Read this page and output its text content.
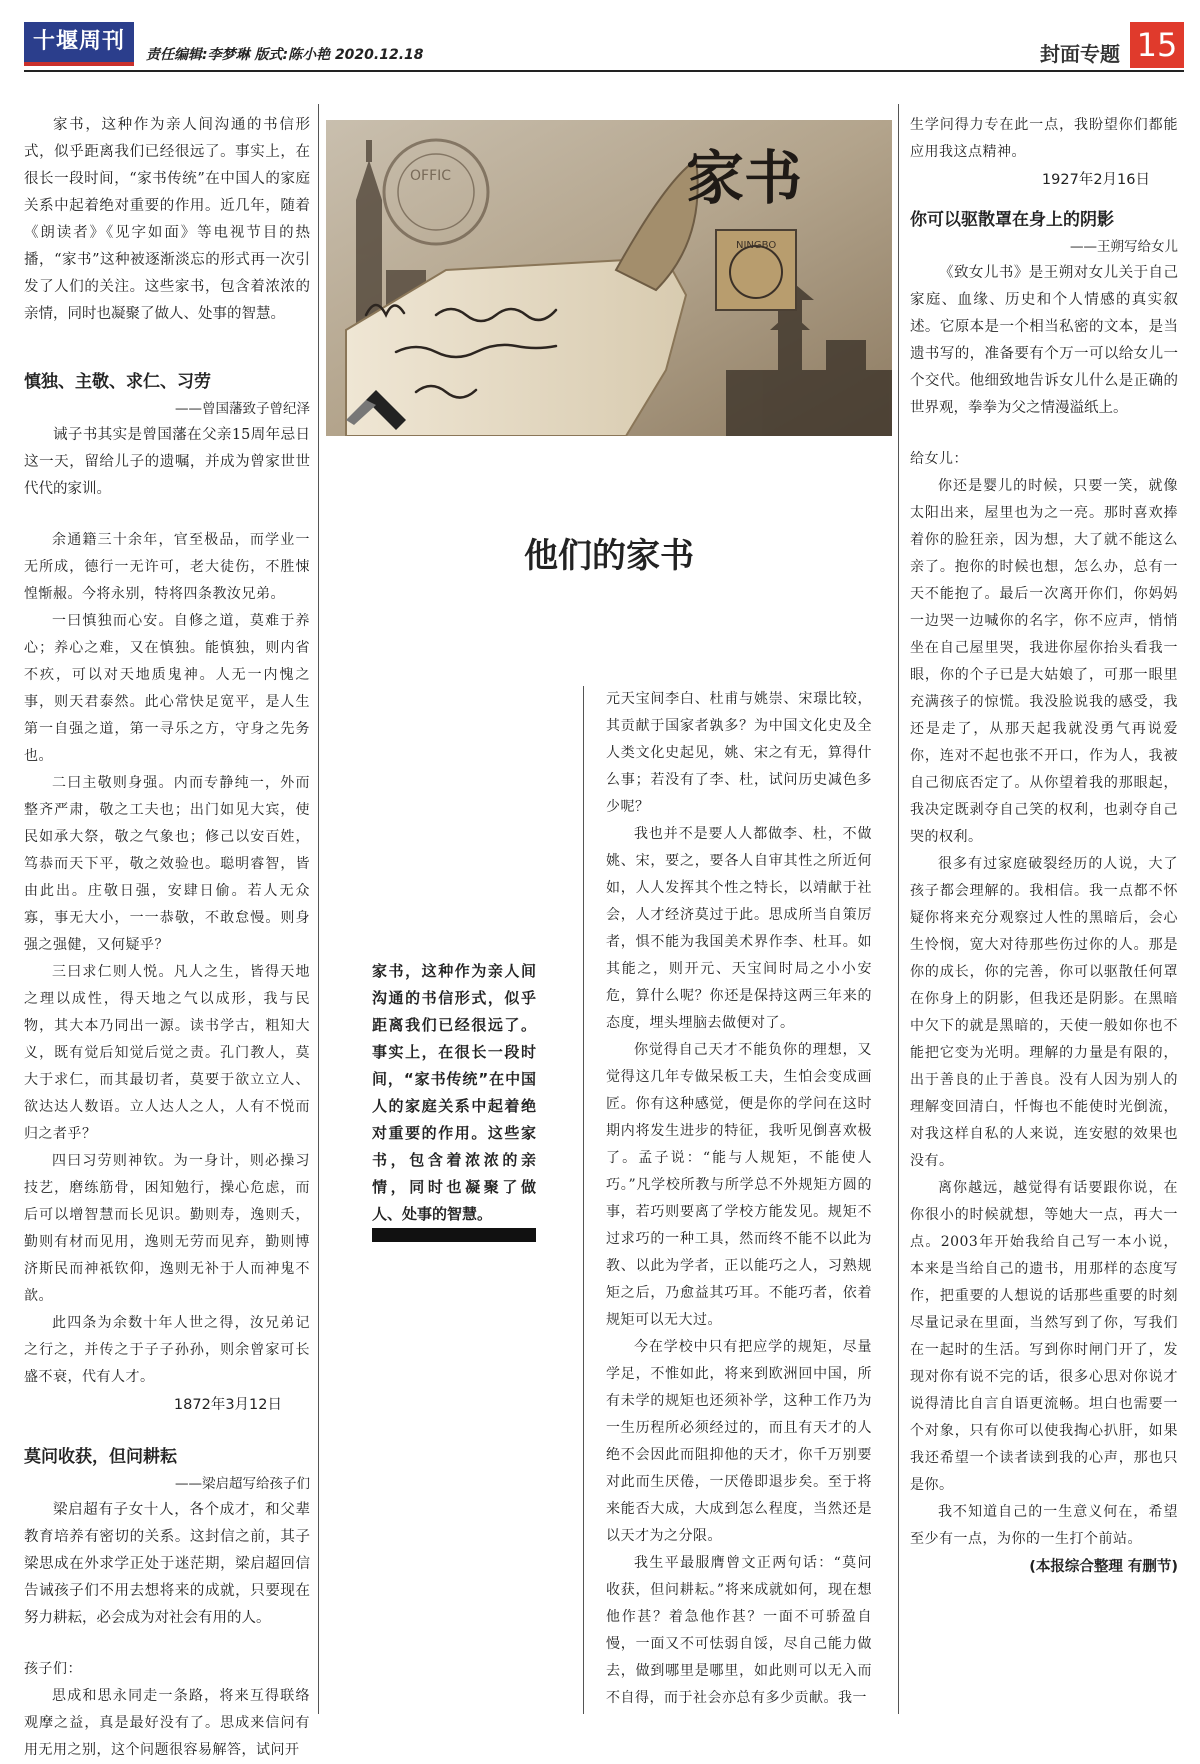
十堰周刊
责任编辑:李梦琳 版式:陈小艳 2020.12.18	封面专题 15

家书，这种作为亲人间沟通的书信形式，似乎距离我们已经很远了。事实上，在很长一段时间，“家书传统”在中国人的家庭关系中起着绝对重要的作用。近几年，随着《朗读者》《见字如面》等电视节目的热播，“家书”这种被逐渐淡忘的形式再一次引发了人们的关注。这些家书，包含着浓浓的亲情，同时也凝聚了做人、处事的智慧。

慎独、主敬、求仁、习劳
——曾国藩致子曾纪泽

诫子书其实是曾国藩在父亲15周年忌日这一天，留给儿子的遗嘱，并成为曾家世世代代的家训。

余通籍三十余年，官至极品，而学业一无所成，德行一无许可，老大徒伤，不胜悚惶惭赧。今将永别，特将四条教汝兄弟。

一曰慎独而心安。自修之道，莫难于养心；养心之难，又在慎独。能慎独，则内省不疚，可以对天地质鬼神。人无一内愧之事，则天君泰然。此心常快足宽平，是人生第一自强之道，第一寻乐之方，守身之先务也。

二曰主敬则身强。内而专静纯一，外而整齐严肃，敬之工夫也；出门如见大宾，使民如承大祭，敬之气象也；修己以安百姓，笃恭而天下平，敬之效验也。聪明睿智，皆由此出。庄敬日强，安肆日偷。若人无众寡，事无大小，一一恭敬，不敢怠慢。则身强之强健，又何疑乎？

三曰求仁则人悦。凡人之生，皆得天地之理以成性，得天地之气以成形，我与民物，其大本乃同出一源。读书学古，粗知大义，既有觉后知觉后觉之责。孔门教人，莫大于求仁，而其最切者，莫要于欲立立人、欲达达人数语。立人达人之人，人有不悦而归之者乎？

四曰习劳则神钦。为一身计，则必操习技艺，磨练筋骨，困知勉行，操心危虑，而后可以增智慧而长见识。勤则寿，逸则夭，勤则有材而见用，逸则无劳而见弃，勤则博济斯民而神祇钦仰，逸则无补于人而神鬼不歆。

此四条为余数十年人世之得，汝兄弟记之行之，并传之于子子孙孙，则余曾家可长盛不衰，代有人才。

1872年3月12日
莫问收获，但问耕耘
——梁启超写给孩子们

梁启超有子女十人，各个成才，和父辈教育培养有密切的关系。这封信之前，其子梁思成在外求学正处于迷茫期，梁启超回信告诫孩子们不用去想将来的成就，只要现在努力耕耘，必会成为对社会有用的人。

孩子们：

思成和思永同走一条路，将来互得联络观摩之益，真是最好没有了。思成来信问有用无用之别，这个问题很容易解答，试问开

OFFIC
NINGBO
家书
他们的家书
家书，这种作为亲人间沟通的书信形式，似乎距离我们已经很远了。事实上，在很长一段时间，“家书传统”在中国人的家庭关系中起着绝对重要的作用。这些家书，包含着浓浓的亲情，同时也凝聚了做人、处事的智慧。

元天宝间李白、杜甫与姚崇、宋璟比较，其贡献于国家者孰多？为中国文化史及全人类文化史起见，姚、宋之有无，算得什么事；若没有了李、杜，试问历史减色多少呢？

我也并不是要人人都做李、杜，不做姚、宋，要之，要各人自审其性之所近何如，人人发挥其个性之特长，以靖献于社会，人才经济莫过于此。思成所当自策厉者，惧不能为我国美术界作李、杜耳。如其能之，则开元、天宝间时局之小小安危，算什么呢？你还是保持这两三年来的态度，埋头埋脑去做便对了。

你觉得自己天才不能负你的理想，又觉得这几年专做呆板工夫，生怕会变成画匠。你有这种感觉，便是你的学问在这时期内将发生进步的特征，我听见倒喜欢极了。孟子说：“能与人规矩，不能使人巧。”凡学校所教与所学总不外规矩方圆的事，若巧则要离了学校方能发见。规矩不过求巧的一种工具，然而终不能不以此为教、以此为学者，正以能巧之人，习熟规矩之后，乃愈益其巧耳。不能巧者，依着规矩可以无大过。

今在学校中只有把应学的规矩，尽量学足，不惟如此，将来到欧洲回中国，所有未学的规矩也还须补学，这种工作乃为一生历程所必须经过的，而且有天才的人绝不会因此而阻抑他的天才，你千万别要对此而生厌倦，一厌倦即退步矣。至于将来能否大成，大成到怎么程度，当然还是以天才为之分限。

我生平最服膺曾文正两句话：“莫问收获，但问耕耘。”将来成就如何，现在想他作甚？着急他作甚？一面不可骄盈自慢，一面又不可怯弱自馁，尽自己能力做去，做到哪里是哪里，如此则可以无入而不自得，而于社会亦总有多少贡献。我一

生学问得力专在此一点，我盼望你们都能应用我这点精神。

1927年2月16日
你可以驱散罩在身上的阴影
——王朔写给女儿

《致女儿书》是王朔对女儿关于自己家庭、血缘、历史和个人情感的真实叙述。它原本是一个相当私密的文本，是当遗书写的，准备要有个万一可以给女儿一个交代。他细致地告诉女儿什么是正确的世界观，拳拳为父之情漫溢纸上。

给女儿：

你还是婴儿的时候，只要一笑，就像太阳出来，屋里也为之一亮。那时喜欢捧着你的脸狂亲，因为想，大了就不能这么亲了。抱你的时候也想，怎么办，总有一天不能抱了。最后一次离开你们，你妈妈一边哭一边喊你的名字，你不应声，悄悄坐在自己屋里哭，我进你屋你抬头看我一眼，你的个子已是大姑娘了，可那一眼里充满孩子的惊慌。我没脸说我的感受，我还是走了，从那天起我就没勇气再说爱你，连对不起也张不开口，作为人，我被自己彻底否定了。从你望着我的那眼起，我决定既剥夺自己笑的权利，也剥夺自己哭的权利。

很多有过家庭破裂经历的人说，大了孩子都会理解的。我相信。我一点都不怀疑你将来充分观察过人性的黑暗后，会心生怜悯，宽大对待那些伤过你的人。那是你的成长，你的完善，你可以驱散任何罩在你身上的阴影，但我还是阴影。在黑暗中欠下的就是黑暗的，天使一般如你也不能把它变为光明。理解的力量是有限的，出于善良的止于善良。没有人因为别人的理解变回清白，忏悔也不能使时光倒流，对我这样自私的人来说，连安慰的效果也没有。

离你越远，越觉得有话要跟你说，在你很小的时候就想，等她大一点，再大一点。2003年开始我给自己写一本小说，本来是当给自己的遗书，用那样的态度写作，把重要的人想说的话那些重要的时刻尽量记录在里面，当然写到了你，写我们在一起时的生活。写到你时闸门开了，发现对你有说不完的话，很多心思对你说才说得清比自言自语更流畅。坦白也需要一个对象，只有你可以使我掏心扒肝，如果我还希望一个读者读到我的心声，那也只是你。

我不知道自己的一生意义何在，希望至少有一点，为你的一生打个前站。

(本报综合整理 有删节)
